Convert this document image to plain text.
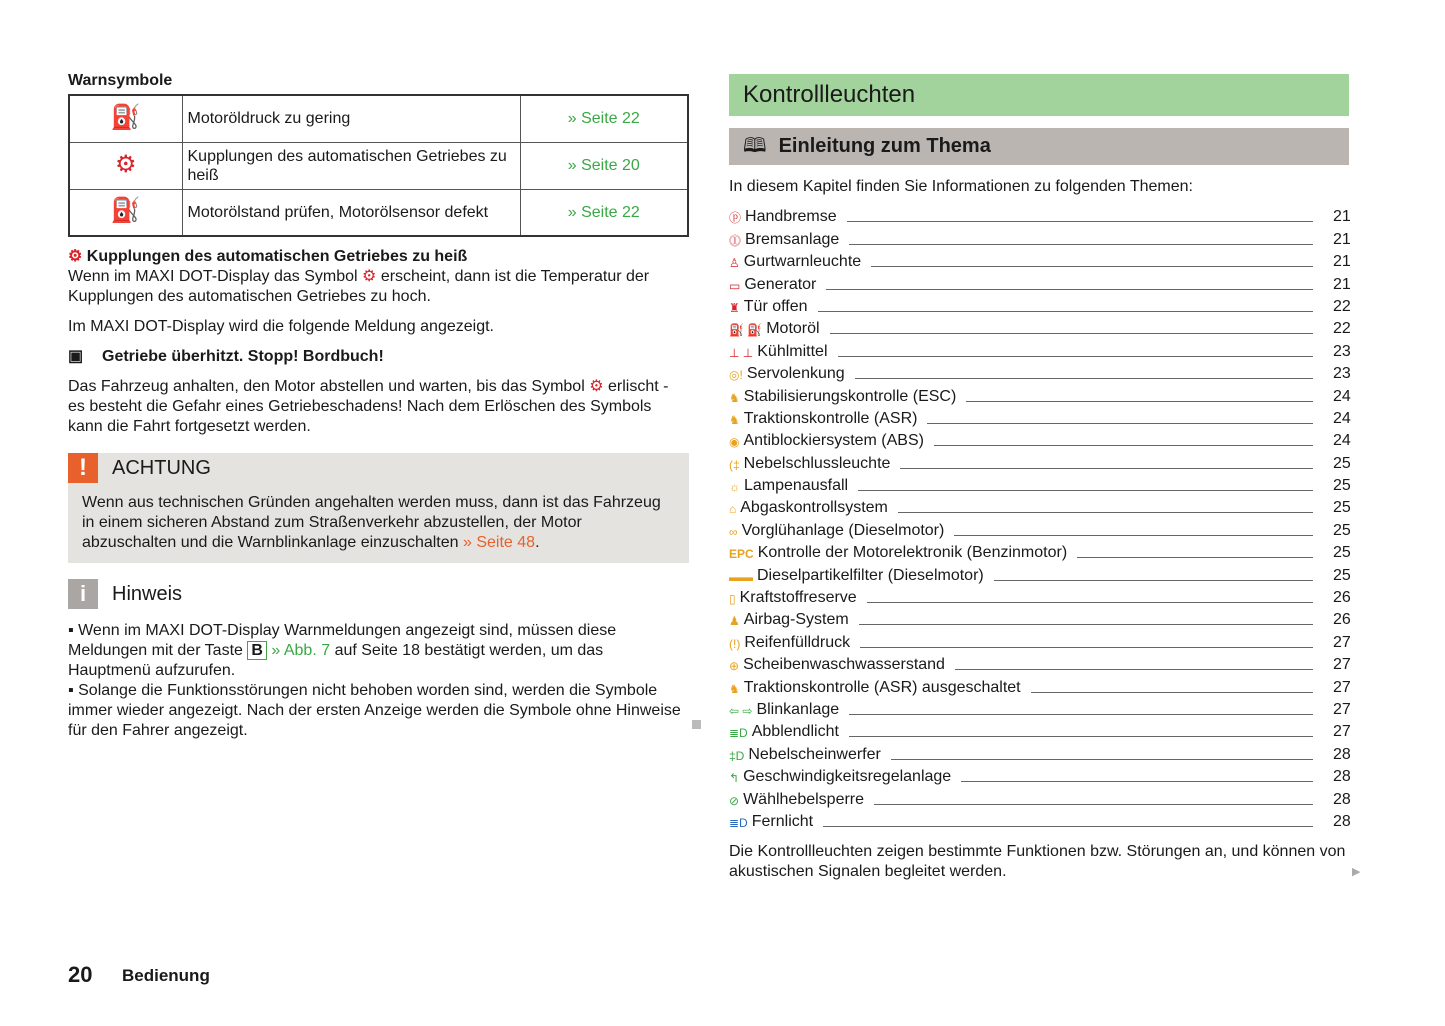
Warnsymbole
⛽	Motoröldruck zu gering	» Seite 22
⚙	Kupplungen des automatischen Getriebes zu heiß	» Seite 20
⛽	Motorölstand prüfen, Motorölsensor defekt	» Seite 22

⚙ Kupplungen des automatischen Getriebes zu heiß

Wenn im MAXI DOT-Display das Symbol ⚙ erscheint, dann ist die Temperatur der Kupplungen des automatischen Getriebes zu hoch.

Im MAXI DOT-Display wird die folgende Meldung angezeigt.

▣ Getriebe überhitzt. Stopp! Bordbuch!

Das Fahrzeug anhalten, den Motor abstellen und warten, bis das Symbol ⚙ erlischt - es besteht die Gefahr eines Getriebeschadens! Nach dem Erlöschen des Symbols kann die Fahrt fortgesetzt werden.

!	ACHTUNG
Wenn aus technischen Gründen angehalten werden muss, dann ist das Fahrzeug in einem sicheren Abstand zum Straßenverkehr abzustellen, der Motor abzuschalten und die Warnblinkanlage einzuschalten » Seite 48.
i	Hinweis

▪ Wenn im MAXI DOT-Display Warnmeldungen angezeigt sind, müssen diese Meldungen mit der Taste B » Abb. 7 auf Seite 18 bestätigt werden, um das Hauptmenü aufzurufen.

▪ Solange die Funktionsstörungen nicht behoben worden sind, werden die Symbole immer wieder angezeigt. Nach der ersten Anzeige werden die Symbole ohne Hinweise für den Fahrer angezeigt.

Kontrollleuchten
🕮 Einleitung zum Thema

In diesem Kapitel finden Sie Informationen zu folgenden Themen:

ⓟ Handbremse	21
⓵ Bremsanlage	21
♙ Gurtwarnleuchte	21
▭ Generator	21
♜ Tür offen	22
⛽ ⛽ Motoröl	22
⊥ ⊥ Kühlmittel	23
◎! Servolenkung	23
♞ Stabilisierungskontrolle (ESC)	24
♞ Traktionskontrolle (ASR)	24
◉ Antiblockiersystem (ABS)	24
(‡ Nebelschlussleuchte	25
☼ Lampenausfall	25
⌂ Abgaskontrollsystem	25
∞ Vorglühanlage (Dieselmotor)	25
EPC Kontrolle der Motorelektronik (Benzinmotor)	25
▬▬ Dieselpartikelfilter (Dieselmotor)	25
▯ Kraftstoffreserve	26
♟ Airbag-System	26
(!) Reifenfülldruck	27
⊕ Scheibenwaschwasserstand	27
♞ Traktionskontrolle (ASR) ausgeschaltet	27
⇦ ⇨ Blinkanlage	27
≣D Abblendlicht	27
‡D Nebelscheinwerfer	28
↰ Geschwindigkeitsregelanlage	28
⊘ Wählhebelsperre	28
≣D Fernlicht	28

Die Kontrollleuchten zeigen bestimmte Funktionen bzw. Störungen an, und können von akustischen Signalen begleitet werden.	▶
20 Bedienung
